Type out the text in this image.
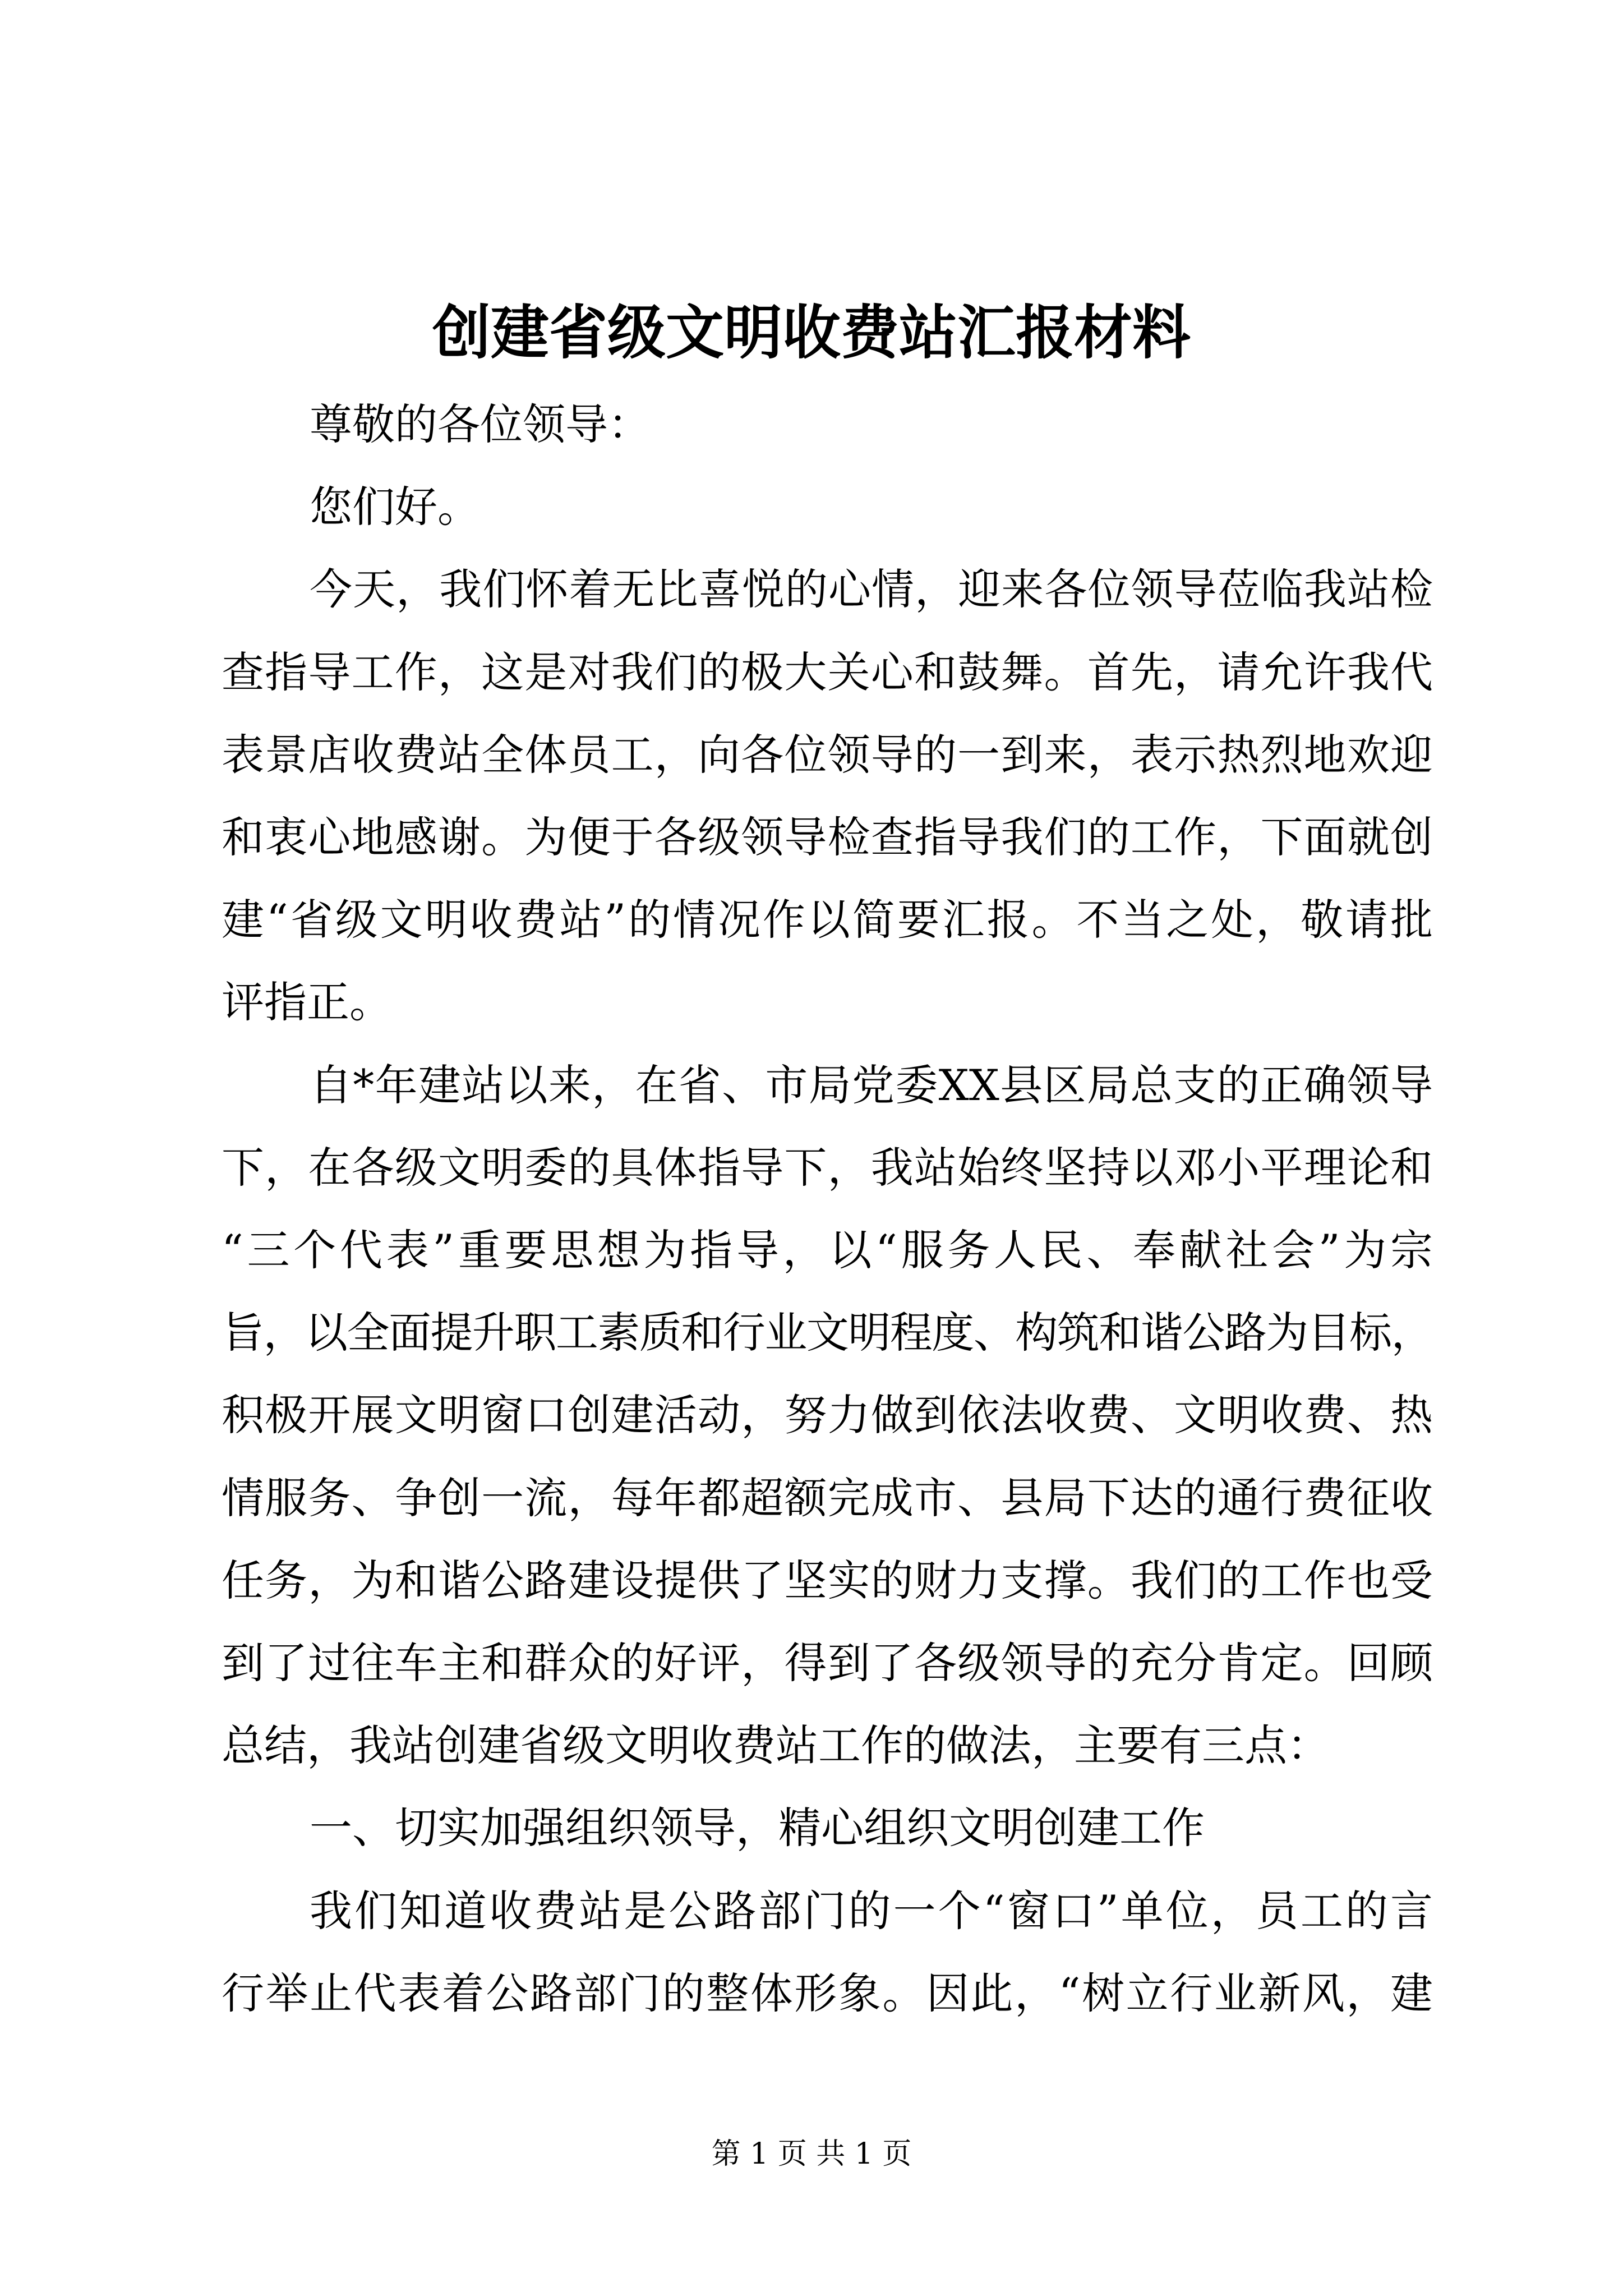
创建省级文明收费站汇报材料
尊敬的各位领导：
您们好。
今天，我们怀着无比喜悦的心情，迎来各位领导莅临我站检
查指导工作，这是对我们的极大关心和鼓舞。首先，请允许我代
表景店收费站全体员工，向各位领导的一到来，表示热烈地欢迎
和衷心地感谢。为便于各级领导检查指导我们的工作，下面就创
建“省级文明收费站”的情况作以简要汇报。不当之处，敬请批
评指正。
自*年建站以来，在省、市局党委XX县区局总支的正确领导
下，在各级文明委的具体指导下，我站始终坚持以邓小平理论和
“三个代表”重要思想为指导，以“服务人民、奉献社会”为宗
旨，以全面提升职工素质和行业文明程度、构筑和谐公路为目标，
积极开展文明窗口创建活动，努力做到依法收费、文明收费、热
情服务、争创一流，每年都超额完成市、县局下达的通行费征收
任务，为和谐公路建设提供了坚实的财力支撑。我们的工作也受
到了过往车主和群众的好评，得到了各级领导的充分肯定。回顾
总结，我站创建省级文明收费站工作的做法，主要有三点：
一、切实加强组织领导，精心组织文明创建工作
我们知道收费站是公路部门的一个“窗口”单位，员工的言
行举止代表着公路部门的整体形象。因此，“树立行业新风，建
第 1 页 共 1 页
